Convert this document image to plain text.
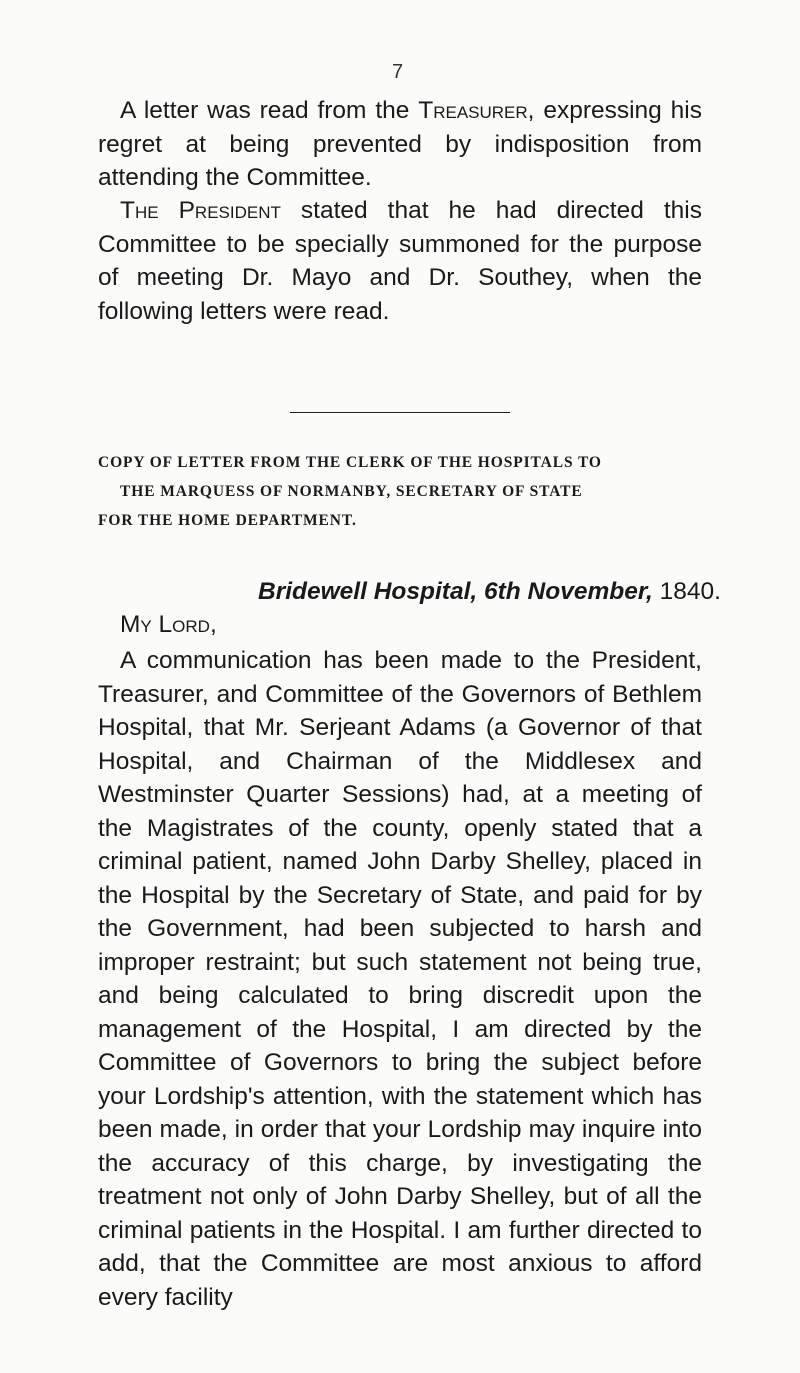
7

A letter was read from the Treasurer, expressing his regret at being prevented by indisposition from attending the Committee.

The President stated that he had directed this Committee to be specially summoned for the purpose of meeting Dr. Mayo and Dr. Southey, when the following letters were read.

COPY OF LETTER FROM THE CLERK OF THE HOSPITALS TO
THE MARQUESS OF NORMANBY, SECRETARY OF STATE
FOR THE HOME DEPARTMENT.
Bridewell Hospital, 6th November, 1840.
My Lord,

A communication has been made to the President, Treasurer, and Committee of the Governors of Bethlem Hospital, that Mr. Serjeant Adams (a Governor of that Hospital, and Chairman of the Middlesex and Westminster Quarter Sessions) had, at a meeting of the Magistrates of the county, openly stated that a criminal patient, named John Darby Shelley, placed in the Hospital by the Secretary of State, and paid for by the Government, had been subjected to harsh and improper restraint; but such statement not being true, and being calculated to bring discredit upon the management of the Hospital, I am directed by the Committee of Governors to bring the subject before your Lordship's attention, with the statement which has been made, in order that your Lordship may inquire into the accuracy of this charge, by investigating the treatment not only of John Darby Shelley, but of all the criminal patients in the Hospital. I am further directed to add, that the Committee are most anxious to afford every facility
